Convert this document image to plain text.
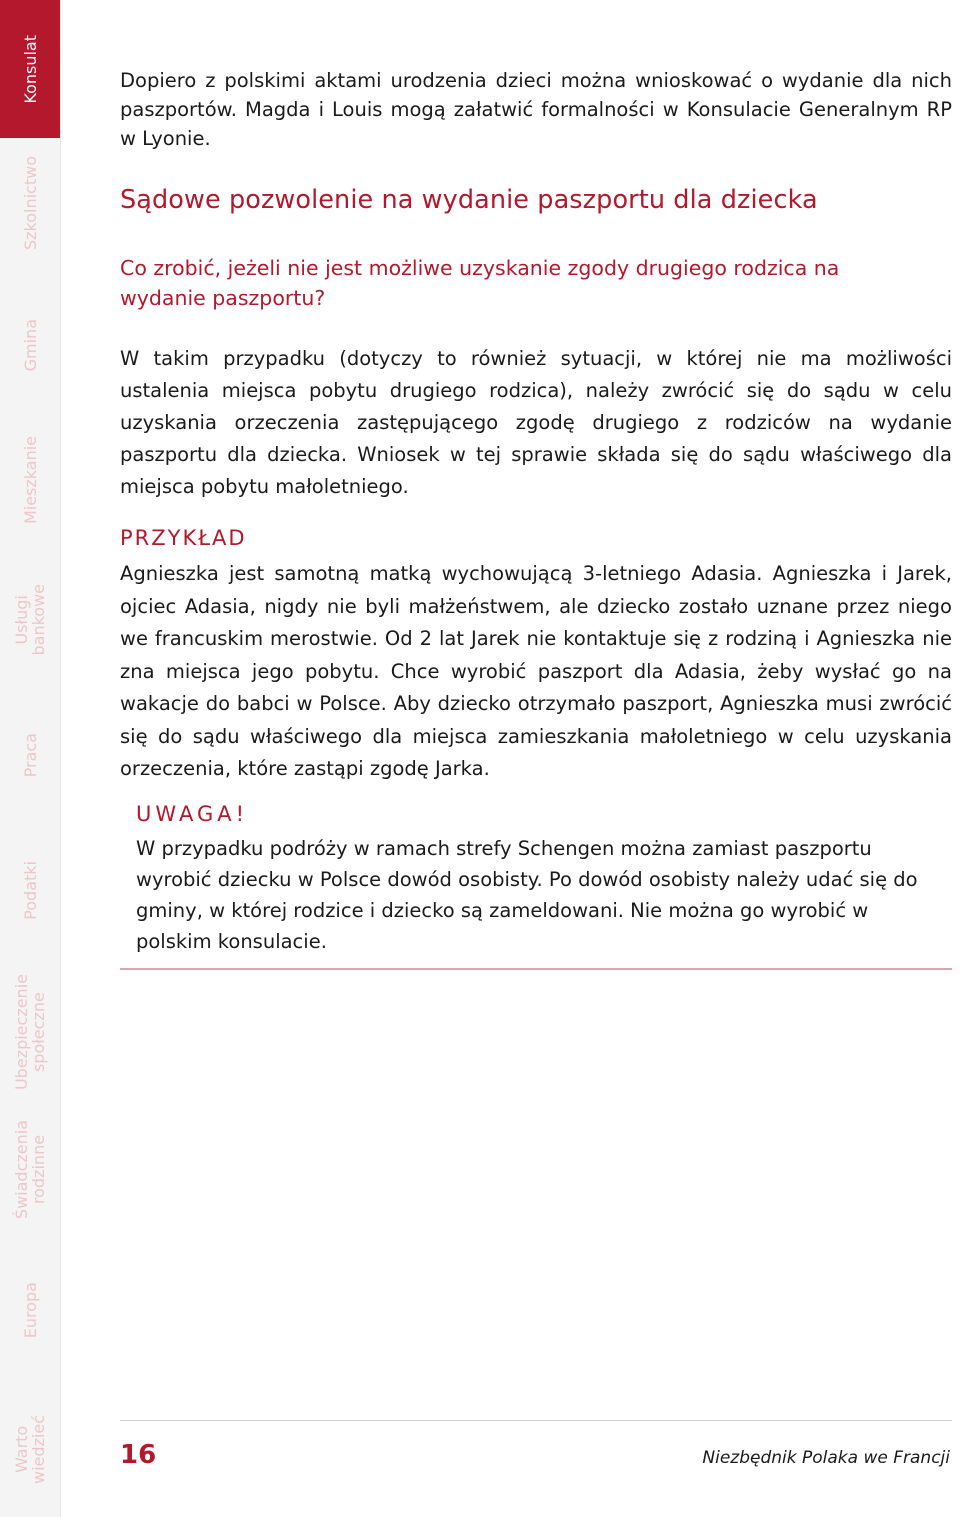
Konsulat
Szkolnictwo
Gmina
Mieszkanie
Usługi
bankowe
Praca
Podatki
Ubezpieczenie
społeczne
Świadczenia
rodzinne
Europa
Warto
wiedzieć

Dopiero z polskimi aktami urodzenia dzieci można wnioskować o wydanie dla nich paszportów. Magda i Louis mogą załatwić formalności w Konsulacie Generalnym RP w Lyonie.

Sądowe pozwolenie na wydanie paszportu dla dziecka
Co zrobić, jeżeli nie jest możliwe uzyskanie zgody drugiego rodzica na wydanie paszportu?

W takim przypadku (dotyczy to również sytuacji, w której nie ma możliwości ustalenia miejsca pobytu drugiego rodzica), należy zwrócić się do sądu w celu uzyskania orzeczenia zastępującego zgodę drugiego z rodziców na wydanie paszportu dla dziecka. Wniosek w tej sprawie składa się do sądu właściwego dla miejsca pobytu małoletniego.

PRZYKŁAD

Agnieszka jest samotną matką wychowującą 3-letniego Adasia. Agnieszka i Jarek, ojciec Adasia, nigdy nie byli małżeństwem, ale dziecko zostało uznane przez niego we francuskim merostwie. Od 2 lat Jarek nie kontaktuje się z rodziną i Agnieszka nie zna miejsca jego pobytu. Chce wyrobić paszport dla Adasia, żeby wysłać go na wakacje do babci w Polsce. Aby dziecko otrzymało paszport, Agnieszka musi zwrócić się do sądu właściwego dla miejsca zamieszkania małoletniego w celu uzyskania orzeczenia, które zastąpi zgodę Jarka.

UWAGA!

W przypadku podróży w ramach strefy Schengen można zamiast paszportu wyrobić dziecku w Polsce dowód osobisty. Po dowód osobisty należy udać się do gminy, w której rodzice i dziecko są zameldowani. Nie można go wyrobić w polskim konsulacie.

16	Niezbędnik Polaka we Francji
